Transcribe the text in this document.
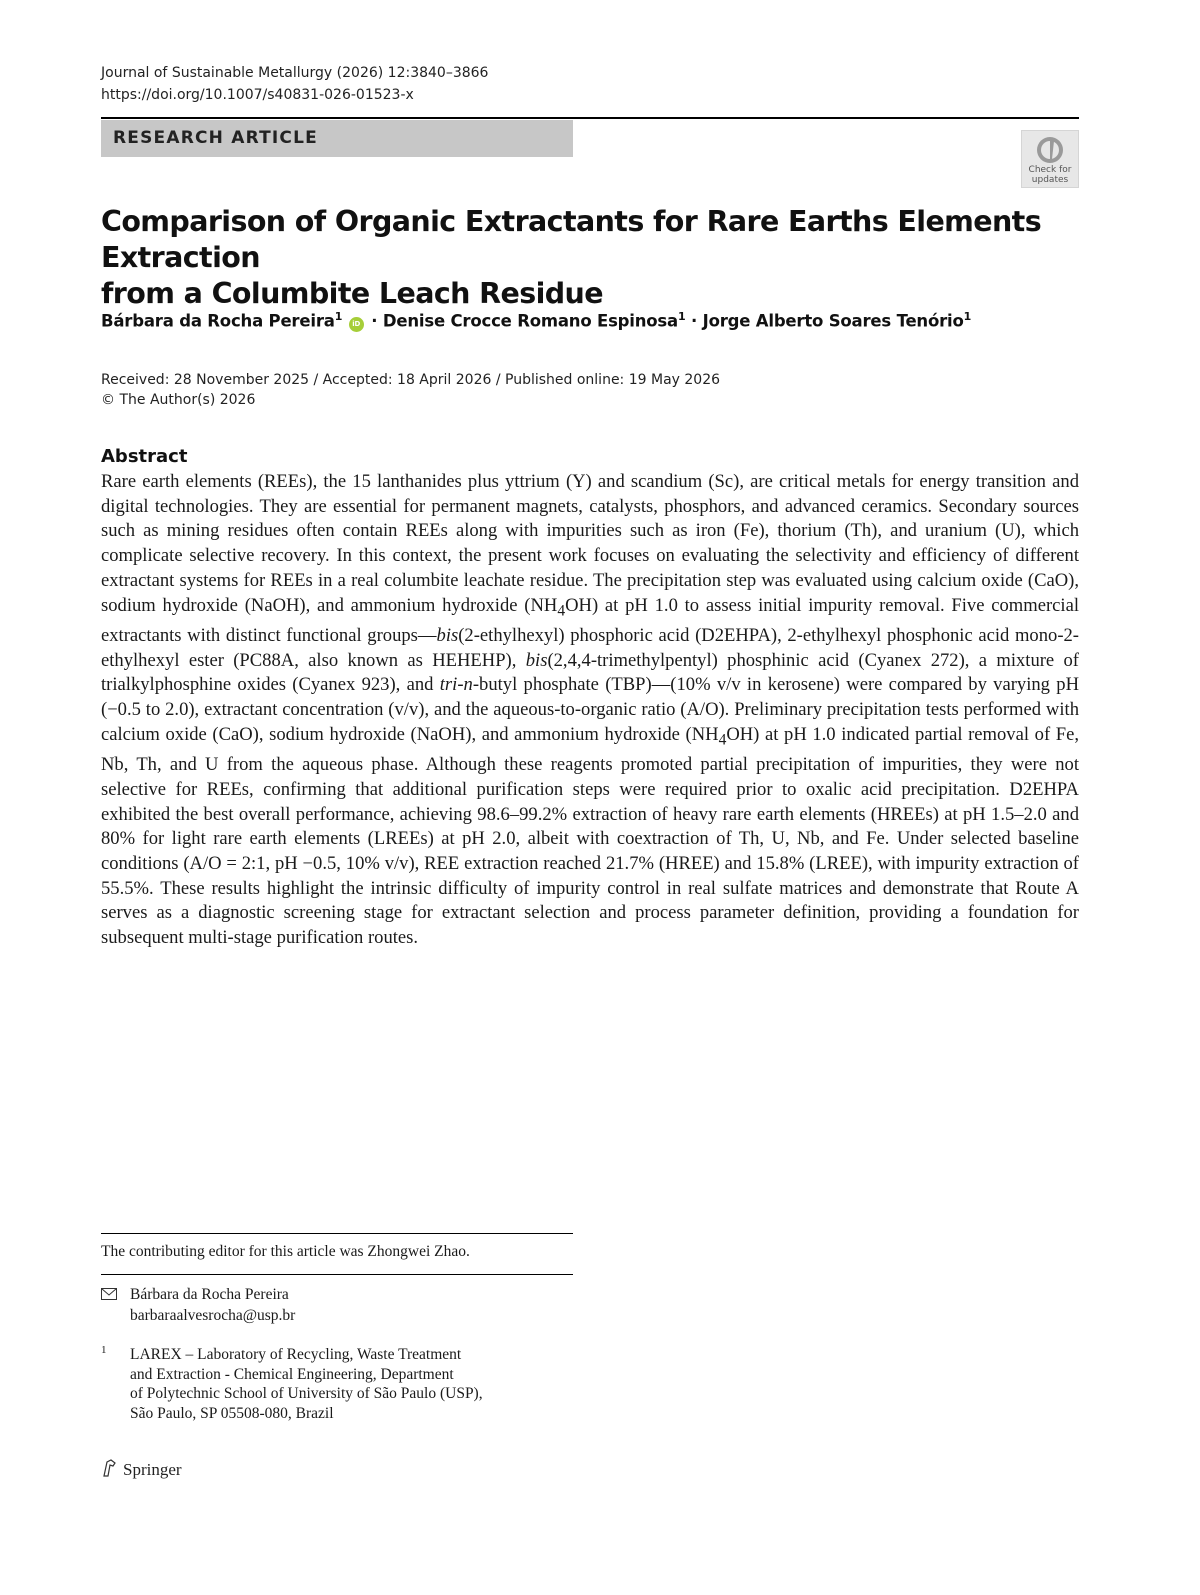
Journal of Sustainable Metallurgy (2026) 12:3840–3866
https://doi.org/10.1007/s40831-026-01523-x
RESEARCH ARTICLE
Check for
updates
Comparison of Organic Extractants for Rare Earths Elements Extraction
from a Columbite Leach Residue
Bárbara da Rocha Pereira$^1$ iD · Denise Crocce Romano Espinosa$^1$ · Jorge Alberto Soares Tenório$^1$
Received: 28 November 2025 / Accepted: 18 April 2026 / Published online: 19 May 2026
© The Author(s) 2026
Abstract

Rare earth elements (REEs), the 15 lanthanides plus yttrium (Y) and scandium (Sc), are critical metals for energy transition and digital technologies. They are essential for permanent magnets, catalysts, phosphors, and advanced ceramics. Secondary sources such as mining residues often contain REEs along with impurities such as iron (Fe), thorium (Th), and uranium (U), which complicate selective recovery. In this context, the present work focuses on evaluating the selectivity and efficiency of different extractant systems for REEs in a real columbite leachate residue. The precipitation step was evaluated using calcium oxide (CaO), sodium hydroxide (NaOH), and ammonium hydroxide $(NH_4OH)$ at pH 1.0 to assess initial impurity removal. Five commercial extractants with distinct functional groups—bis(2-ethylhexyl) phosphoric acid (D2EHPA), 2-ethylhexyl phosphonic acid mono-2-ethylhexyl ester (PC88A, also known as HEHEHP), bis(2,4,4-trimethylpentyl) phosphinic acid (Cyanex 272), a mixture of trialkylphosphine oxides (Cyanex 923), and tri-n-butyl phosphate (TBP)—(10% v/v in kerosene) were compared by varying pH (−0.5 to 2.0), extractant concentration (v/v), and the aqueous-to-organic ratio (A/O). Preliminary precipitation tests performed with calcium oxide (CaO), sodium hydroxide (NaOH), and ammonium hydroxide $(NH_4OH)$ at pH 1.0 indicated partial removal of Fe, Nb, Th, and U from the aqueous phase. Although these reagents promoted partial precipitation of impurities, they were not selective for REEs, confirming that additional purification steps were required prior to oxalic acid precipitation. D2EHPA exhibited the best overall performance, achieving 98.6–99.2% extraction of heavy rare earth elements (HREEs) at pH 1.5–2.0 and 80% for light rare earth elements (LREEs) at pH 2.0, albeit with coextraction of Th, U, Nb, and Fe. Under selected baseline conditions (A/O = 2:1, pH −0.5, 10% v/v), REE extraction reached 21.7% (HREE) and 15.8% (LREE), with impurity extraction of 55.5%. These results highlight the intrinsic difficulty of impurity control in real sulfate matrices and demonstrate that Route A serves as a diagnostic screening stage for extractant selection and process parameter definition, providing a foundation for subsequent multi-stage purification routes.

The contributing editor for this article was Zhongwei Zhao.
Bárbara da Rocha Pereira
barbaraalvesrocha@usp.br
1 LAREX – Laboratory of Recycling, Waste Treatment
and Extraction - Chemical Engineering, Department
of Polytechnic School of University of São Paulo (USP),
São Paulo, SP 05508-080, Brazil
Springer
